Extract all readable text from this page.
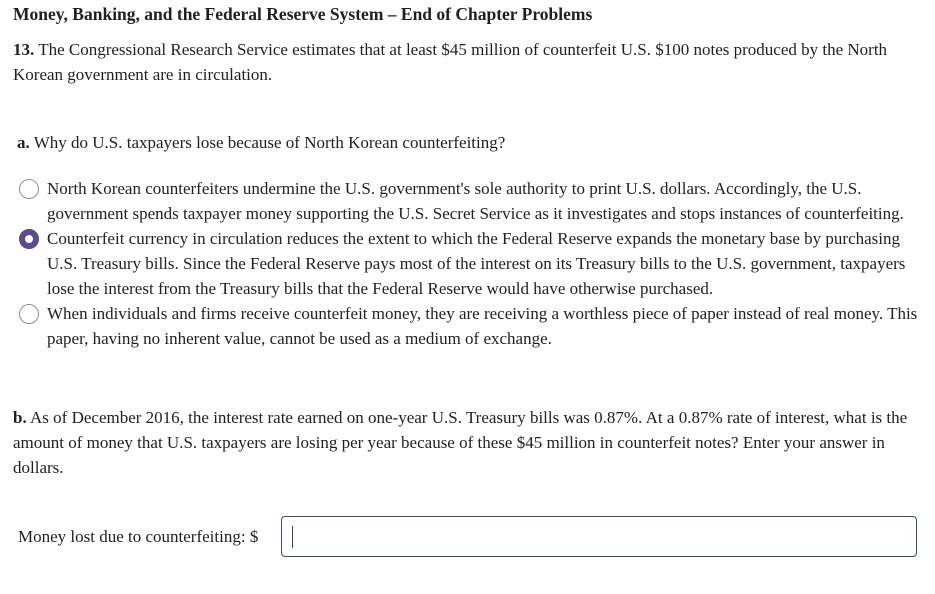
Money, Banking, and the Federal Reserve System – End of Chapter Problems
13. The Congressional Research Service estimates that at least $45 million of counterfeit U.S. $100 notes produced by the North Korean government are in circulation.
a. Why do U.S. taxpayers lose because of North Korean counterfeiting?
North Korean counterfeiters undermine the U.S. government's sole authority to print U.S. dollars. Accordingly, the U.S. government spends taxpayer money supporting the U.S. Secret Service as it investigates and stops instances of counterfeiting.
Counterfeit currency in circulation reduces the extent to which the Federal Reserve expands the monetary base by purchasing U.S. Treasury bills. Since the Federal Reserve pays most of the interest on its Treasury bills to the U.S. government, taxpayers lose the interest from the Treasury bills that the Federal Reserve would have otherwise purchased.
When individuals and firms receive counterfeit money, they are receiving a worthless piece of paper instead of real money. This paper, having no inherent value, cannot be used as a medium of exchange.
b. As of December 2016, the interest rate earned on one-year U.S. Treasury bills was 0.87%. At a 0.87% rate of interest, what is the amount of money that U.S. taxpayers are losing per year because of these $45 million in counterfeit notes? Enter your answer in dollars.
Money lost due to counterfeiting: $
